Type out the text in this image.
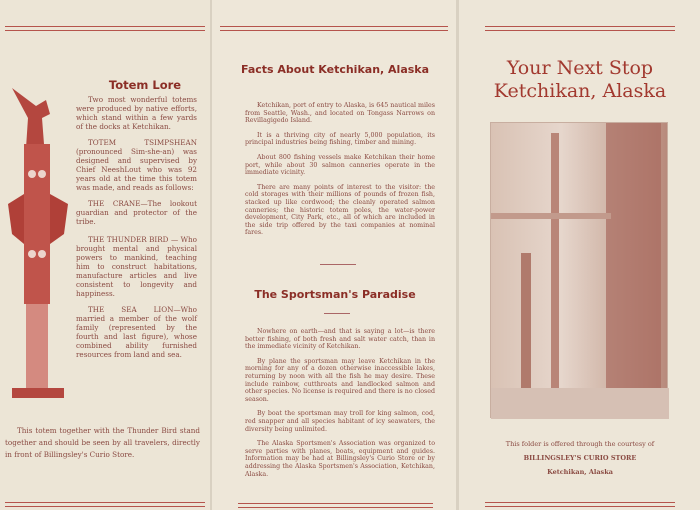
Totem Lore

Two most wonderful totems were produced by native efforts, which stand within a few yards of the docks at Ketchikan.

TOTEM TSIMPSHEAN (pronounced Sim-she-an) was designed and supervised by Chief NeeshLout who was 92 years old at the time this totem was made, and reads as follows:

THE CRANE—The lookout guardian and protector of the tribe.

THE THUNDER BIRD — Who brought mental and physical powers to mankind, teaching him to construct habitations, manufacture articles and live consistent to longevity and happiness.

THE SEA LION—Who married a member of the wolf family (represented by the fourth and last figure), whose combined ability furnished resources from land and sea.

This totem together with the Thunder Bird stand together and should be seen by all travelers, directly in front of Billingsley's Curio Store.

Facts About Ketchikan, Alaska

Ketchikan, port of entry to Alaska, is 645 nautical miles from Seattle, Wash., and located on Tongass Narrows on Revillagigedo Island.

It is a thriving city of nearly 5,000 population, its principal industries being fishing, timber and mining.

About 800 fishing vessels make Ketchikan their home port, while about 30 salmon canneries operate in the immediate vicinity.

There are many points of interest to the visitor: the cold storages with their millions of pounds of frozen fish, stacked up like cordwood; the cleanly operated salmon canneries; the historic totem poles, the water-power development, City Park, etc., all of which are included in the side trip offered by the taxi companies at nominal fares.

The Sportsman's Paradise

Nowhere on earth—and that is saying a lot—is there better fishing, of both fresh and salt water catch, than in the immediate vicinity of Ketchikan.

By plane the sportsman may leave Ketchikan in the morning for any of a dozen otherwise inaccessible lakes, returning by noon with all the fish he may desire. These include rainbow, cutthroats and landlocked salmon and other species. No license is required and there is no closed season.

By boat the sportsman may troll for king salmon, cod, red snapper and all species habitant of icy seawaters, the diversity being unlimited.

The Alaska Sportsmen's Association was organized to serve parties with planes, boats, equipment and guides. Information may be had at Billingsley's Curio Store or by addressing the Alaska Sportsmen's Association, Ketchikan, Alaska.

Your Next Stop
Ketchikan, Alaska
This folder is offered through the courtesy of
BILLINGSLEY'S CURIO STORE
Ketchikan, Alaska
